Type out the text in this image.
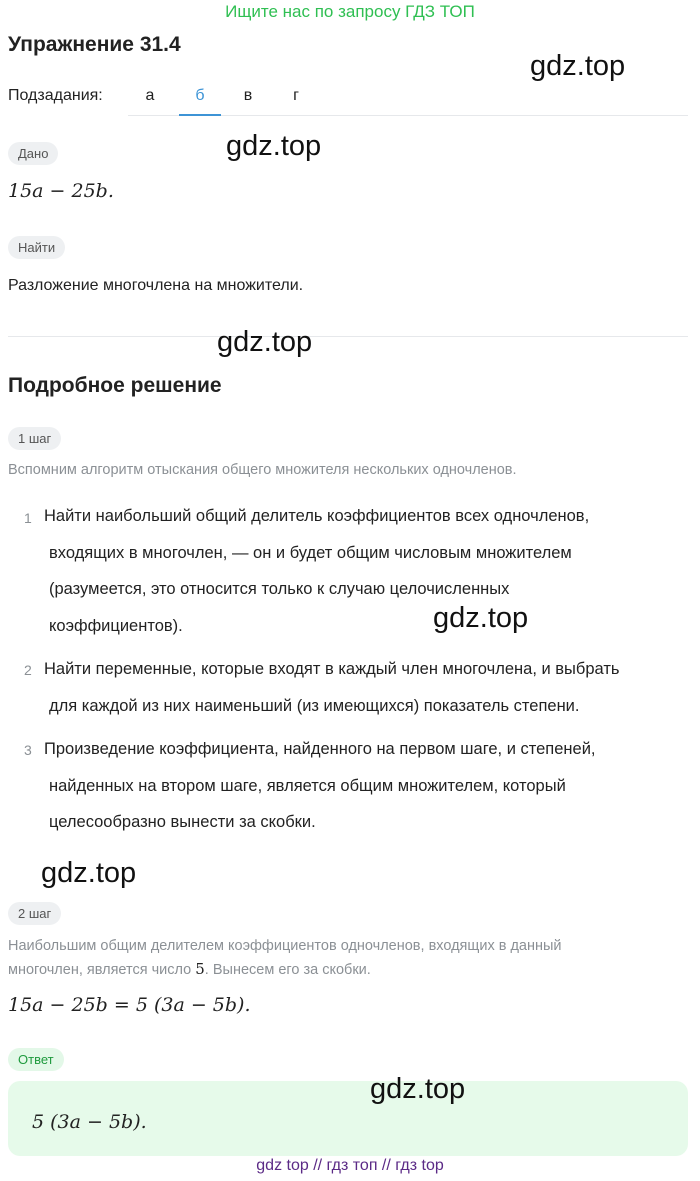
Ищите нас по запросу ГДЗ ТОП
Упражнение 31.4
Подзадания:	а	б	в	г
Дано
15a − 25b.
Найти
Разложение многочлена на множители.
Подробное решение
1 шаг
Вспомним алгоритм отыскания общего множителя нескольких одночленов.
1 Найти наибольший общий делитель коэффициентов всех одночленов,
входящих в многочлен, — он и будет общим числовым множителем
(разумеется, это относится только к случаю целочисленных
коэффициентов).
2 Найти переменные, которые входят в каждый член многочлена, и выбрать
для каждой из них наименьший (из имеющихся) показатель степени.
3 Произведение коэффициента, найденного на первом шаге, и степеней,
найденных на втором шаге, является общим множителем, который
целесообразно вынести за скобки.
2 шаг
Наибольшим общим делителем коэффициентов одночленов, входящих в данный
многочлен, является число 5. Вынесем его за скобки.
15a − 25b = 5 (3a − 5b).
Ответ
5 (3a − 5b).
gdz.top
gdz.top
gdz.top
gdz.top
gdz.top
gdz.top
gdz top // гдз топ // гдз top
